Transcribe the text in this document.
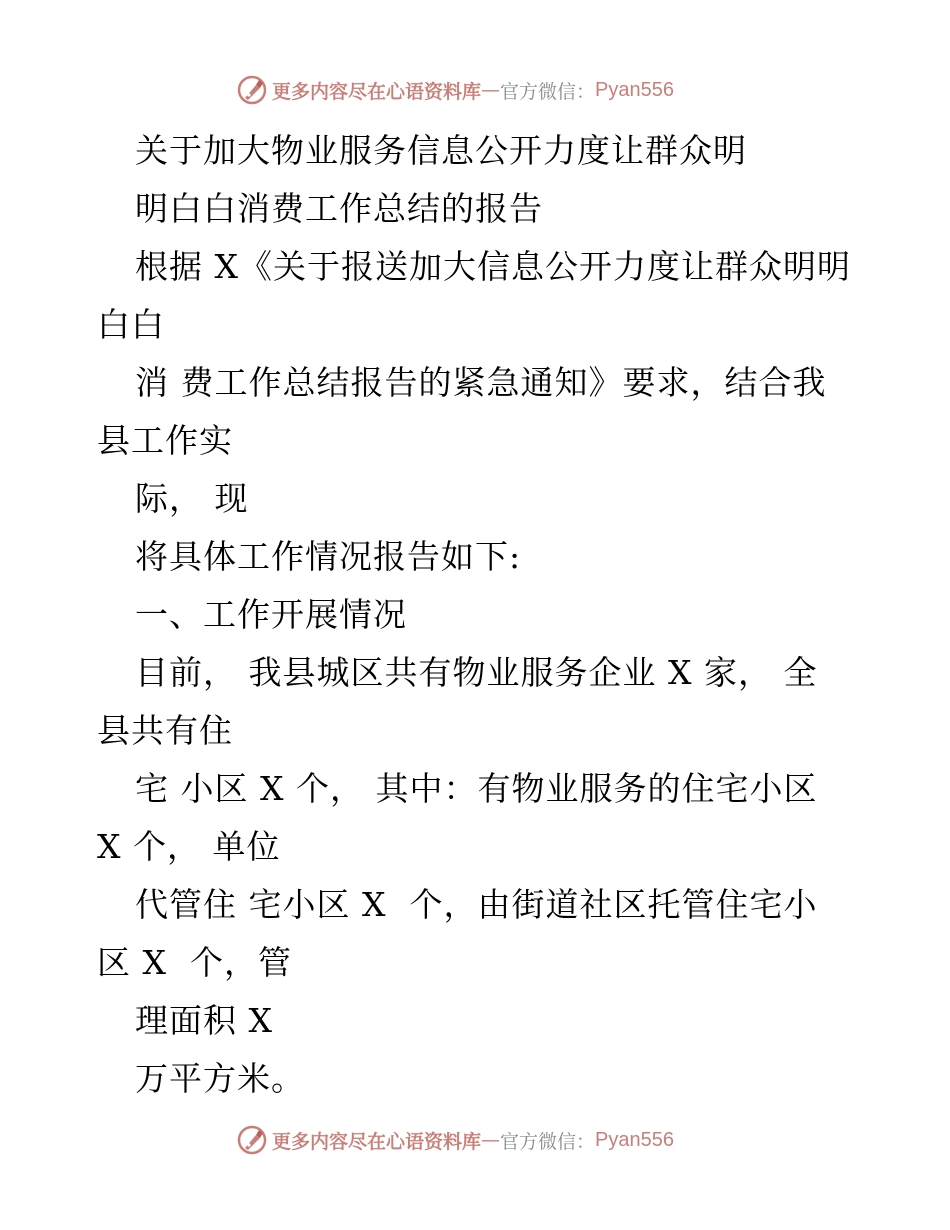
更多内容尽在心语资料库 — 官方微信： Pyan556
关于加大物业服务信息公开力度让群众明
明白白消费工作总结的报告
根据 X《关于报送加大信息公开力度让群众明明
白白
消 费工作总结报告的紧急通知》要求，结合我
县工作实
际， 现
将具体工作情况报告如下:
一、工作开展情况
目前， 我县城区共有物业服务企业 X 家， 全
县共有住
宅 小区 X 个， 其中：有物业服务的住宅小区
X 个， 单位
代管住 宅小区 X  个，由街道社区托管住宅小
区 X  个，管
理面积 X
万平方米。
更多内容尽在心语资料库 — 官方微信： Pyan556
